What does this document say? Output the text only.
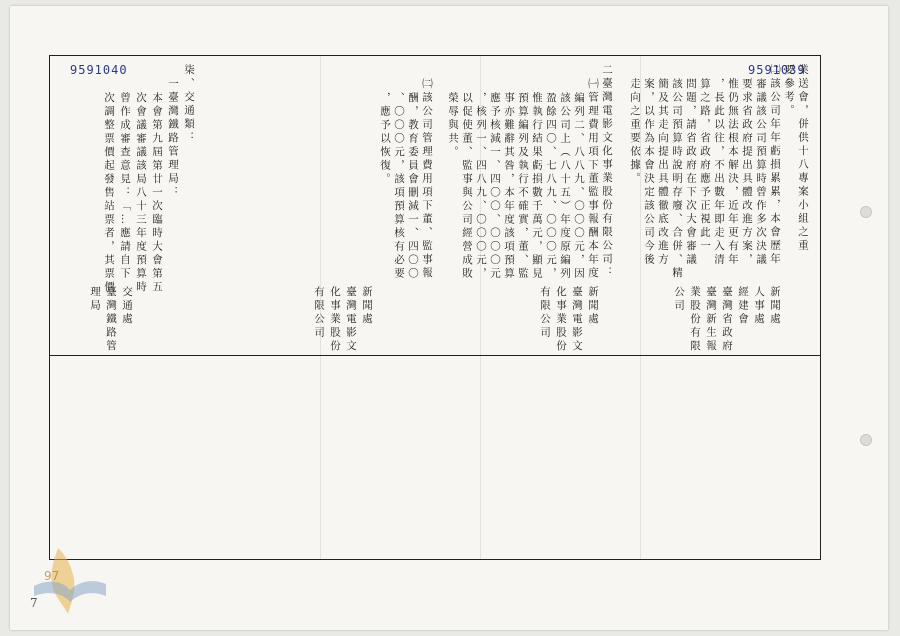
9591040	9591039
業送會，併供十八專案小組之重
要參考。
㈡該公司年年虧損累累，本會歷年
審議該公司預算時曾作多次決議
要求省政府提出具體改進方案，
惟仍無法根本解決，近年更有年
，長此以往，不出數年即走入清
算之路，省政府應予正視此一
問題，請省政府在下次大會審議
該公司預算時說明存廢、合併、精
簡及其走向提出具體徹底改進方
案，以作為本會決定該公司今後
走向之重要依據。
二臺灣電影文化事業股份有限公司：
㈠管理費用項下董監事報酬本年度
編列二、八八九、〇〇〇元，因
該公司上（八十五）年度原編列
盈餘四〇、七八九、〇〇〇元，
惟執行結果虧損數千萬元，顯見
預算編列及執行不確實，董、監
事亦難辭其咎，本年度該項預算
應予核減一、四〇〇、〇〇〇元
，核列一、四八九、〇〇〇元，
以促使董、監事與公司經營成敗
榮辱與共。
㈡該公司管理費用項下董、監事報
酬，教育委員會刪減一、四〇〇
、〇〇〇元，該項預算核有必要
，應予以恢復。
柒、交通類：
一臺灣鐵路管理局：
本會第九屆第廿一次臨時大會第五
次會議審議該局八十三年度預算時
曾作成審查意見：「…應請自下
次調整票價起發售站票者，其票價
新聞處
人事處
經建會
臺灣省政府
臺灣新生報
業股份有限
公司
新聞處
臺灣電影文
化事業股份
有限公司
新聞處
臺灣電影文
化事業股份
有限公司
交通處
臺灣鐵路管
理局
97
7
